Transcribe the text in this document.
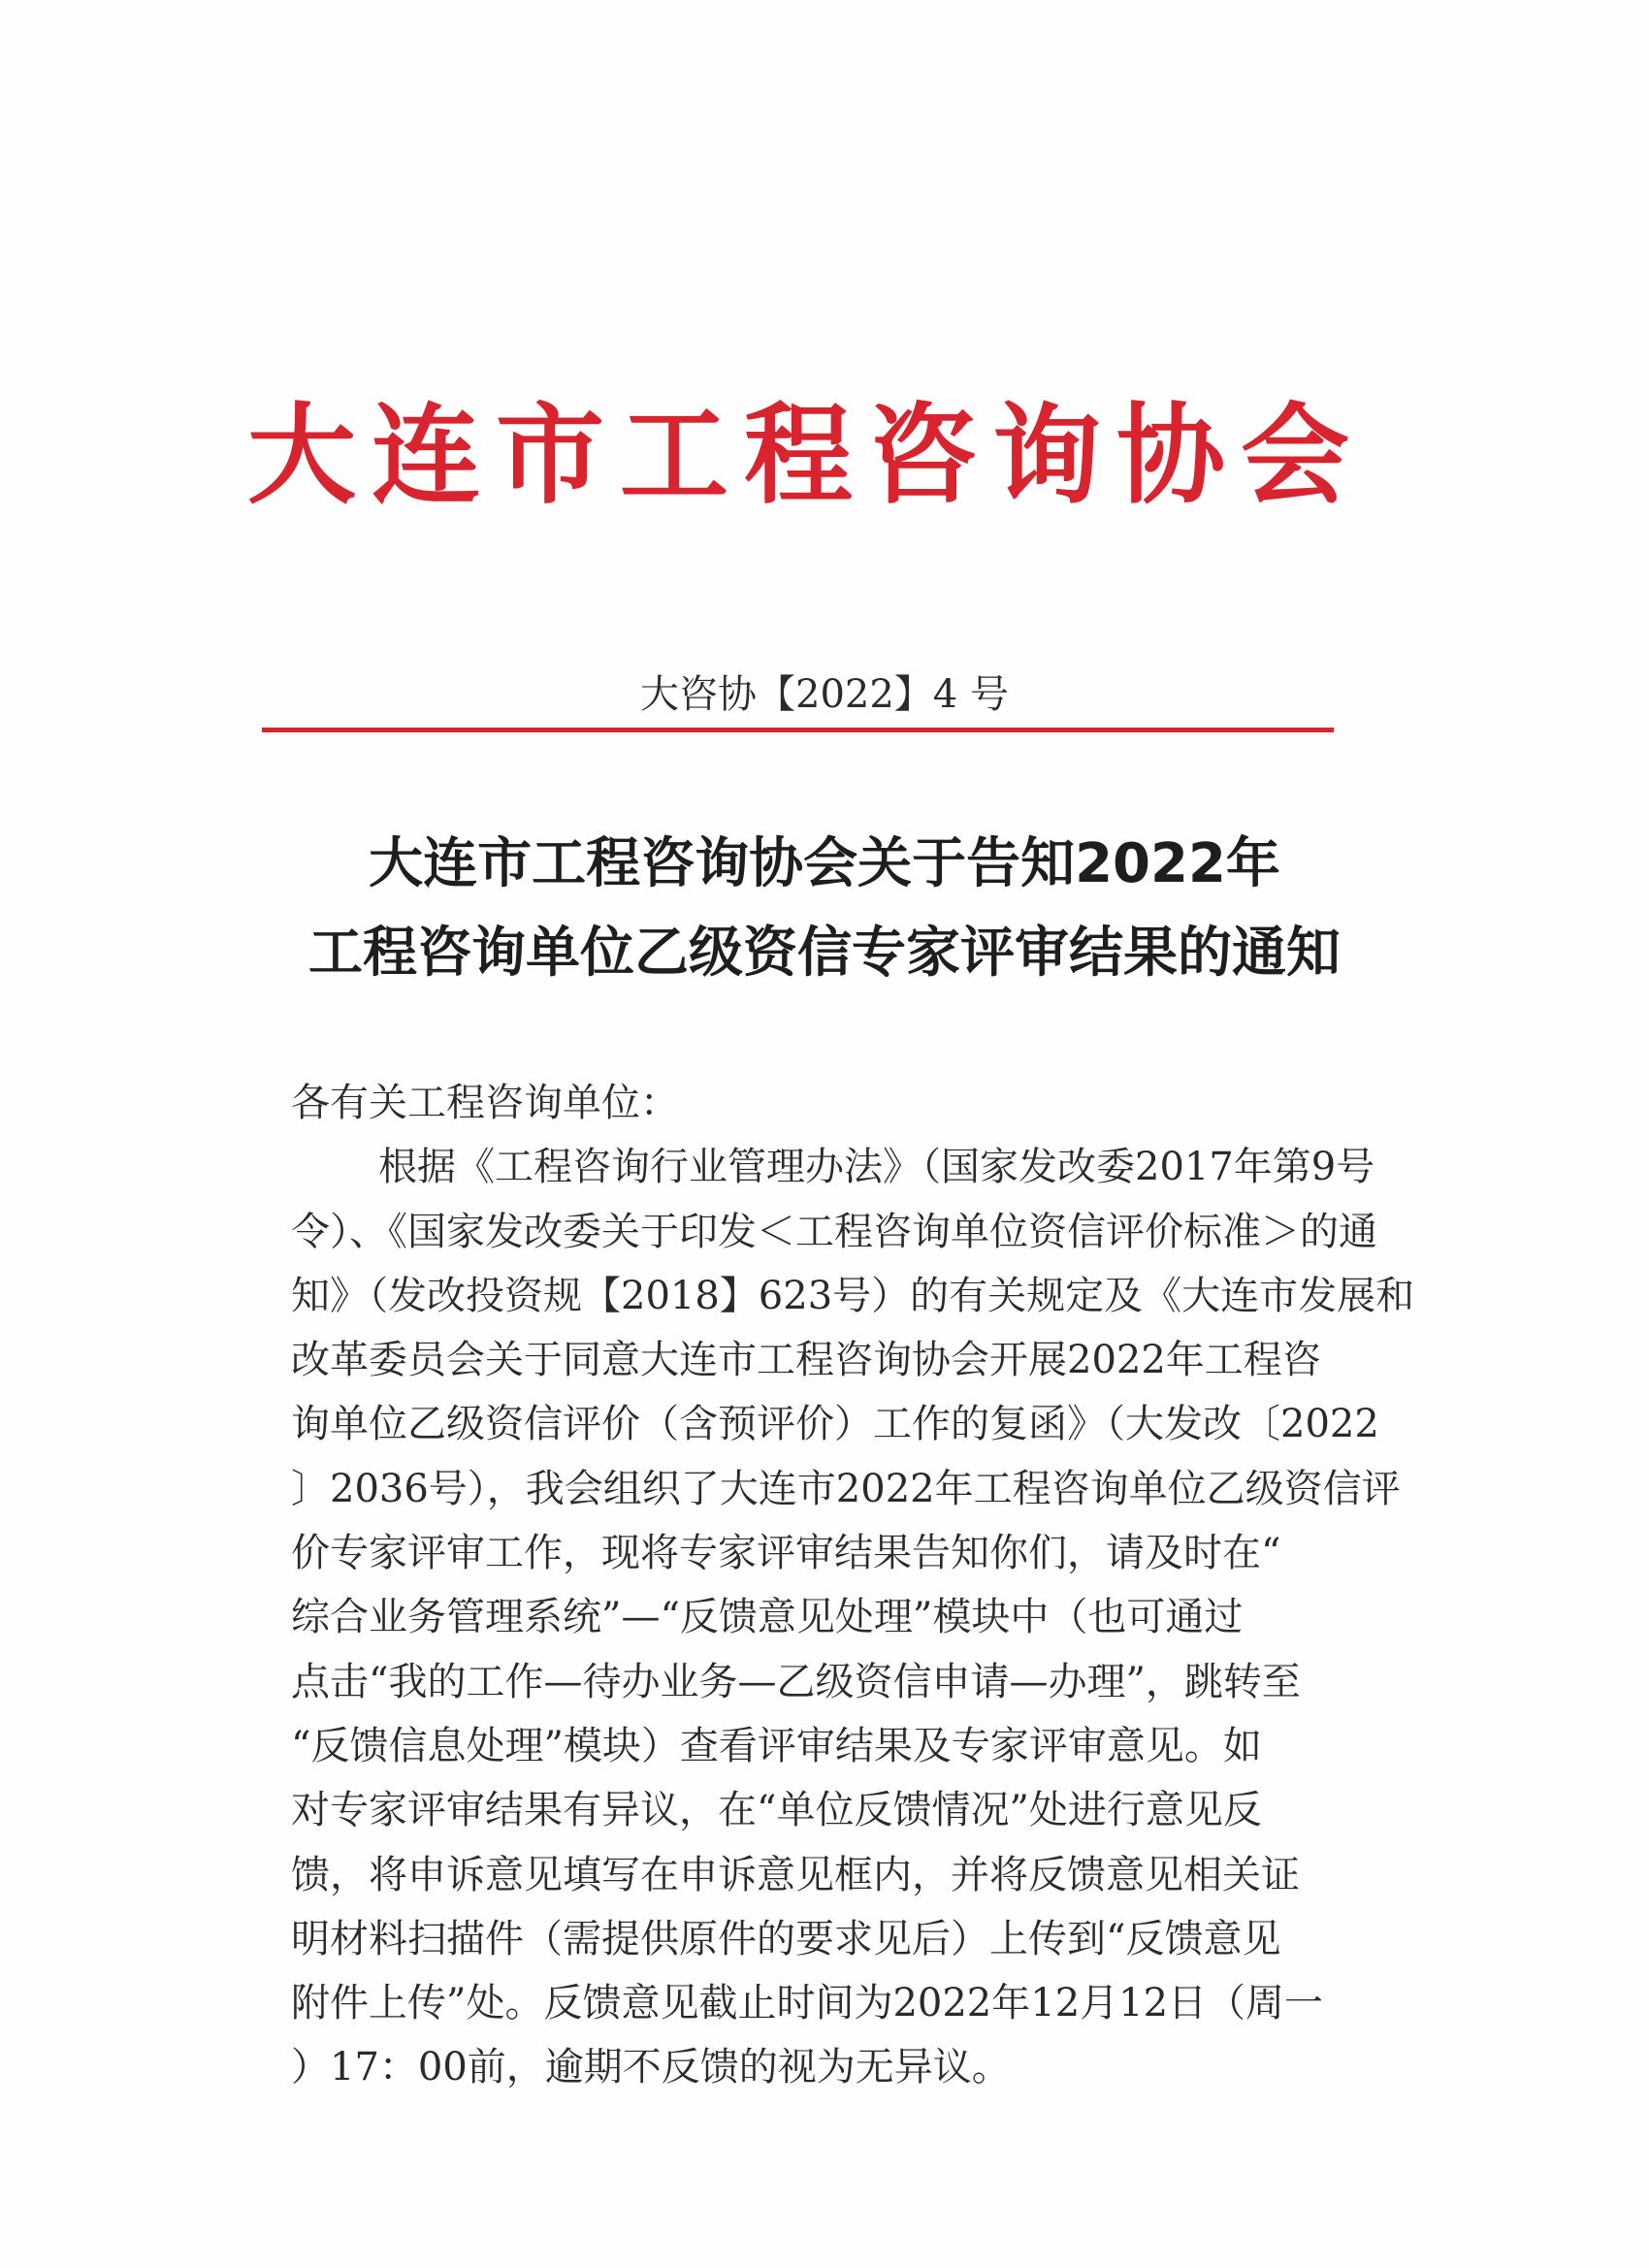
大连市工程咨询协会
大咨协【2022】4 号
大连市工程咨询协会关于告知2022年
工程咨询单位乙级资信专家评审结果的通知
各有关工程咨询单位：
根据《工程咨询行业管理办法》（国家发改委2017年第9号
令）、《国家发改委关于印发＜工程咨询单位资信评价标准＞的通
知》（发改投资规【2018】623号）的有关规定及《大连市发展和
改革委员会关于同意大连市工程咨询协会开展2022年工程咨
询单位乙级资信评价（含预评价）工作的复函》（大发改〔2022
〕2036号），我会组织了大连市2022年工程咨询单位乙级资信评
价专家评审工作，现将专家评审结果告知你们，请及时在“
综合业务管理系统”—“反馈意见处理”模块中（也可通过
点击“我的工作—待办业务—乙级资信申请—办理”，跳转至
“反馈信息处理”模块）查看评审结果及专家评审意见。如
对专家评审结果有异议，在“单位反馈情况”处进行意见反
馈，将申诉意见填写在申诉意见框内，并将反馈意见相关证
明材料扫描件（需提供原件的要求见后）上传到“反馈意见
附件上传”处。反馈意见截止时间为2022年12月12日（周一
）17：00前，逾期不反馈的视为无异议。
